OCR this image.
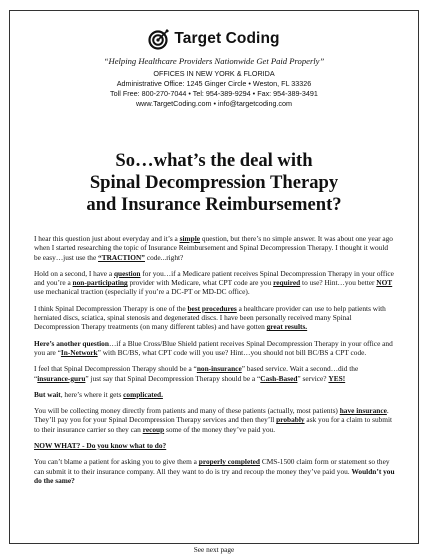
Target Coding
“Helping Healthcare Providers Nationwide Get Paid Properly”
OFFICES IN NEW YORK & FLORIDA
Administrative Office: 1245 Ginger Circle • Weston, FL 33326
Toll Free: 800-270-7044 • Tel: 954-389-9294 • Fax: 954-389-3491
www.TargetCoding.com • info@targetcoding.com
So…what’s the deal with
Spinal Decompression Therapy
and Insurance Reimbursement?

I hear this question just about everyday and it’s a simple question, but there’s no simple answer. It was about one year ago when I started researching the topic of Insurance Reimbursement and Spinal Decompression Therapy. I thought it would be easy…just use the “TRACTION” code...right?

Hold on a second, I have a question for you…if a Medicare patient receives Spinal Decompression Therapy in your office and you’re a non-participating provider with Medicare, what CPT code are you required to use? Hint…you better NOT use mechanical traction (especially if you’re a DC-PT or MD-DC office).

I think Spinal Decompression Therapy is one of the best procedures a healthcare provider can use to help patients with herniated discs, sciatica, spinal stenosis and degenerated discs. I have been personally received many Spinal Decompression Therapy treatments (on many different tables) and have gotten great results.

Here’s another question…if a Blue Cross/Blue Shield patient receives Spinal Decompression Therapy in your office and you are “In-Network” with BC/BS, what CPT code will you use? Hint…you should not bill BC/BS a CPT code.

I feel that Spinal Decompression Therapy should be a “non-insurance” based service. Wait a second…did the “insurance-guru” just say that Spinal Decompression Therapy should be a “Cash-Based” service? YES!

But wait, here’s where it gets complicated.

You will be collecting money directly from patients and many of these patients (actually, most patients) have insurance. They’ll pay you for your Spinal Decompression Therapy services and then they’ll probably ask you for a claim to submit to their insurance carrier so they can recoup some of the money they’ve paid you.

NOW WHAT? - Do you know what to do?

You can’t blame a patient for asking you to give them a properly completed CMS-1500 claim form or statement so they can submit it to their insurance company. All they want to do is try and recoup the money they’ve paid you. Wouldn’t you do the same?

See next page
